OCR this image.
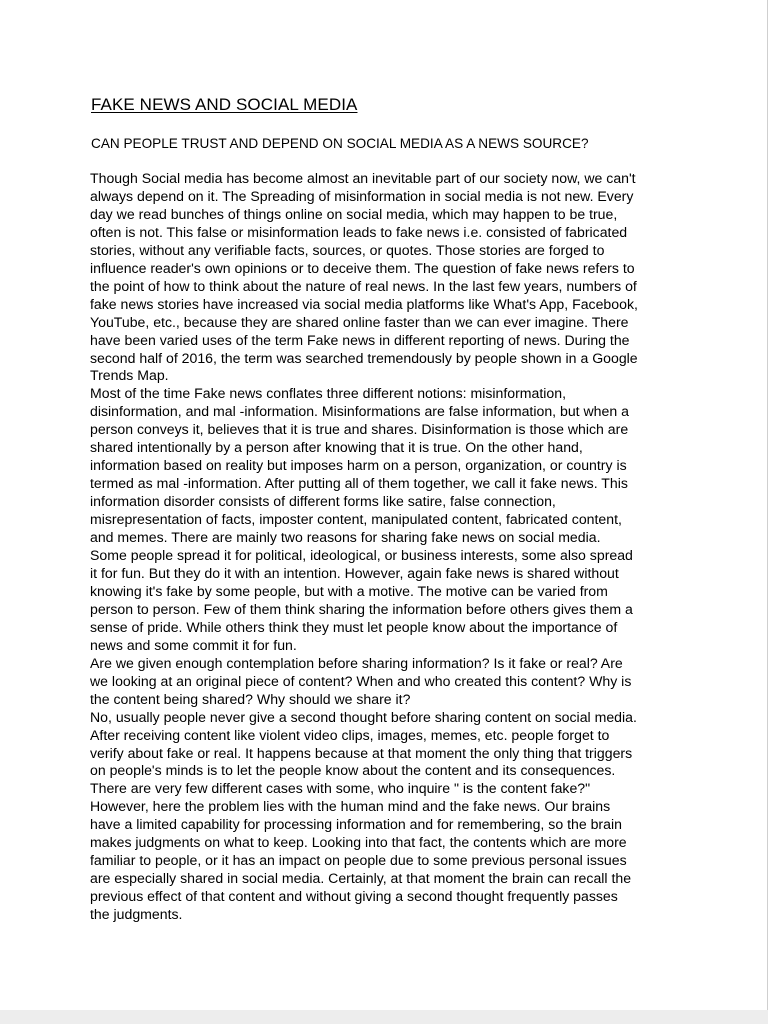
FAKE NEWS AND SOCIAL MEDIA
CAN PEOPLE TRUST AND DEPEND ON SOCIAL MEDIA AS A NEWS SOURCE?

Though Social media has become almost an inevitable part of our society now, we can't
always depend on it. The Spreading of misinformation in social media is not new. Every
day we read bunches of things online on social media, which may happen to be true,
often is not. This false or misinformation leads to fake news i.e. consisted of fabricated
stories, without any verifiable facts, sources, or quotes. Those stories are forged to
influence reader's own opinions or to deceive them. The question of fake news refers to
the point of how to think about the nature of real news. In the last few years, numbers of
fake news stories have increased via social media platforms like What's App, Facebook,
YouTube, etc., because they are shared online faster than we can ever imagine. There
have been varied uses of the term Fake news in different reporting of news. During the
second half of 2016, the term was searched tremendously by people shown in a Google
Trends Map.

Most of the time Fake news conflates three different notions: misinformation,
disinformation, and mal -information. Misinformations are false information, but when a
person conveys it, believes that it is true and shares. Disinformation is those which are
shared intentionally by a person after knowing that it is true. On the other hand,
information based on reality but imposes harm on a person, organization, or country is
termed as mal -information. After putting all of them together, we call it fake news. This
information disorder consists of different forms like satire, false connection,
misrepresentation of facts, imposter content, manipulated content, fabricated content,
and memes. There are mainly two reasons for sharing fake news on social media.
Some people spread it for political, ideological, or business interests, some also spread
it for fun. But they do it with an intention. However, again fake news is shared without
knowing it's fake by some people, but with a motive. The motive can be varied from
person to person. Few of them think sharing the information before others gives them a
sense of pride. While others think they must let people know about the importance of
news and some commit it for fun.

Are we given enough contemplation before sharing information? Is it fake or real? Are
we looking at an original piece of content? When and who created this content? Why is
the content being shared? Why should we share it?

No, usually people never give a second thought before sharing content on social media.
After receiving content like violent video clips, images, memes, etc. people forget to
verify about fake or real. It happens because at that moment the only thing that triggers
on people's minds is to let the people know about the content and its consequences.
There are very few different cases with some, who inquire " is the content fake?"
However, here the problem lies with the human mind and the fake news. Our brains
have a limited capability for processing information and for remembering, so the brain
makes judgments on what to keep. Looking into that fact, the contents which are more
familiar to people, or it has an impact on people due to some previous personal issues
are especially shared in social media. Certainly, at that moment the brain can recall the
previous effect of that content and without giving a second thought frequently passes
the judgments.
